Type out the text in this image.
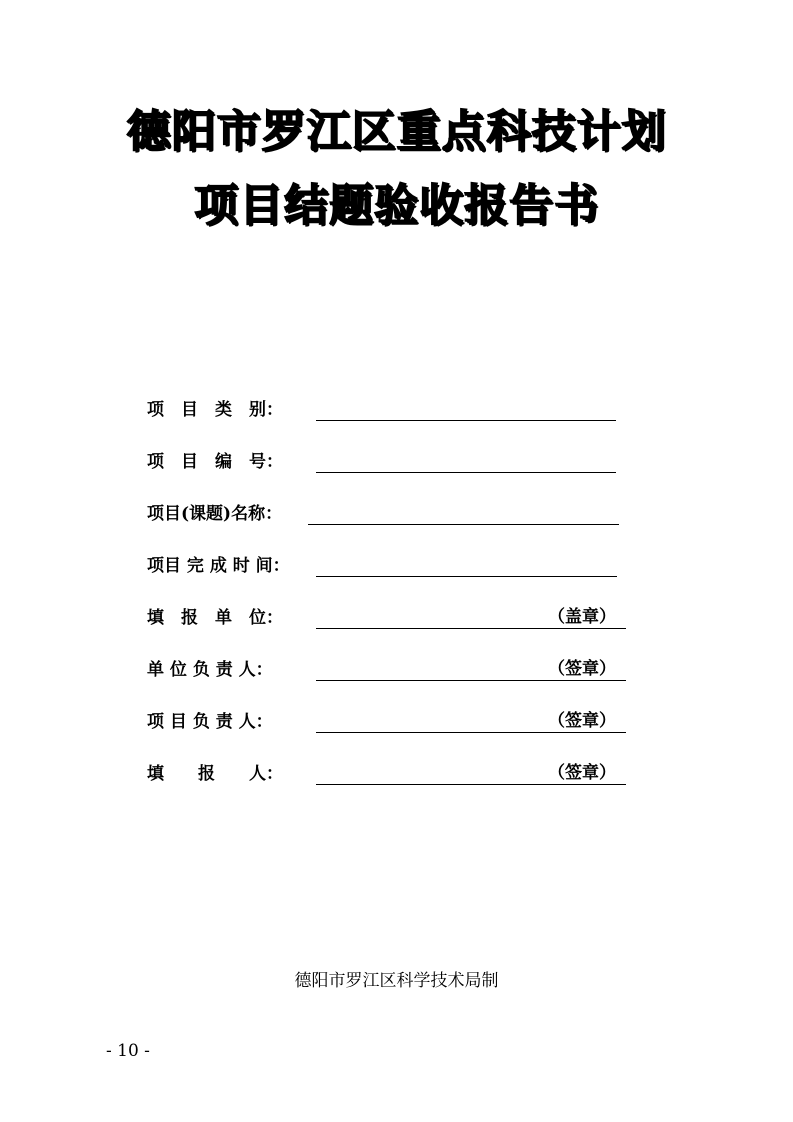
德阳市罗江区重点科技计划
项目结题验收报告书
项　目　类　别：
项　目　编　号：
项目(课题)名称：
项目 完 成 时 间：
填　报　单　位：	（盖章）
单 位 负 责 人：	（签章）
项 目 负 责 人：	（签章）
填　　报　　人：	（签章）
德阳市罗江区科学技术局制
- 10 -
